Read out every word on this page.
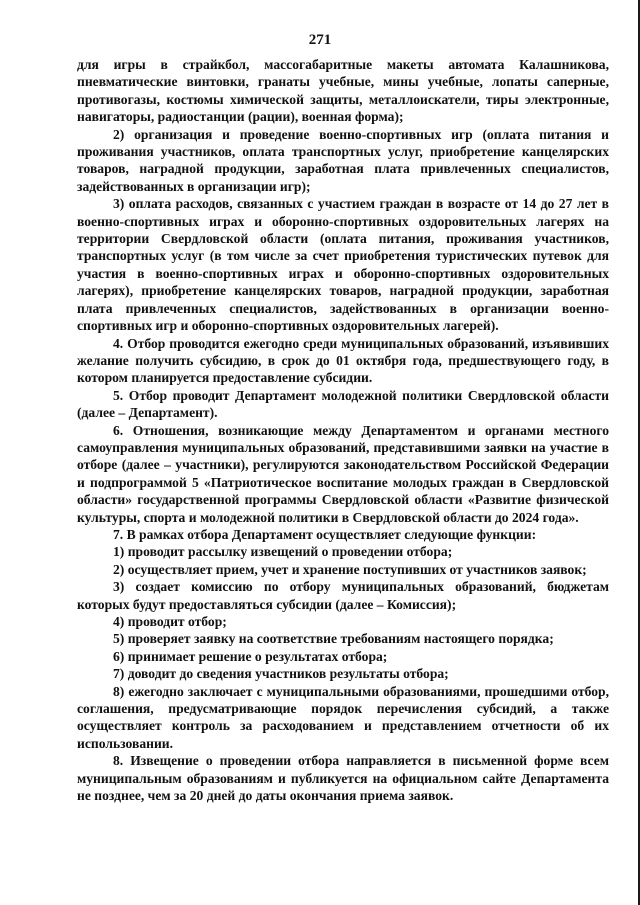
271

для игры в страйкбол, массогабаритные макеты автомата Калашникова, пневматические винтовки, гранаты учебные, мины учебные, лопаты саперные, противогазы, костюмы химической защиты, металлоискатели, тиры электронные, навигаторы, радиостанции (рации), военная форма);

2) организация и проведение военно-спортивных игр (оплата питания и проживания участников, оплата транспортных услуг, приобретение канцелярских товаров, наградной продукции, заработная плата привлеченных специалистов, задействованных в организации игр);

3) оплата расходов, связанных с участием граждан в возрасте от 14 до 27 лет в военно-спортивных играх и оборонно-спортивных оздоровительных лагерях на территории Свердловской области (оплата питания, проживания участников, транспортных услуг (в том числе за счет приобретения туристических путевок для участия в военно-спортивных играх и оборонно-спортивных оздоровительных лагерях), приобретение канцелярских товаров, наградной продукции, заработная плата привлеченных специалистов, задействованных в организации военно-спортивных игр и оборонно-спортивных оздоровительных лагерей).

4. Отбор проводится ежегодно среди муниципальных образований, изъявивших желание получить субсидию, в срок до 01 октября года, предшествующего году, в котором планируется предоставление субсидии.

5. Отбор проводит Департамент молодежной политики Свердловской области (далее – Департамент).

6. Отношения, возникающие между Департаментом и органами местного самоуправления муниципальных образований, представившими заявки на участие в отборе (далее – участники), регулируются законодательством Российской Федерации и подпрограммой 5 «Патриотическое воспитание молодых граждан в Свердловской области» государственной программы Свердловской области «Развитие физической культуры, спорта и молодежной политики в Свердловской области до 2024 года».

7. В рамках отбора Департамент осуществляет следующие функции:

1) проводит рассылку извещений о проведении отбора;

2) осуществляет прием, учет и хранение поступивших от участников заявок;

3) создает комиссию по отбору муниципальных образований, бюджетам которых будут предоставляться субсидии (далее – Комиссия);

4) проводит отбор;

5) проверяет заявку на соответствие требованиям настоящего порядка;

6) принимает решение о результатах отбора;

7) доводит до сведения участников результаты отбора;

8) ежегодно заключает с муниципальными образованиями, прошедшими отбор, соглашения, предусматривающие порядок перечисления субсидий, а также осуществляет контроль за расходованием и представлением отчетности об их использовании.

8. Извещение о проведении отбора направляется в письменной форме всем муниципальным образованиям и публикуется на официальном сайте Департамента не позднее, чем за 20 дней до даты окончания приема заявок.
